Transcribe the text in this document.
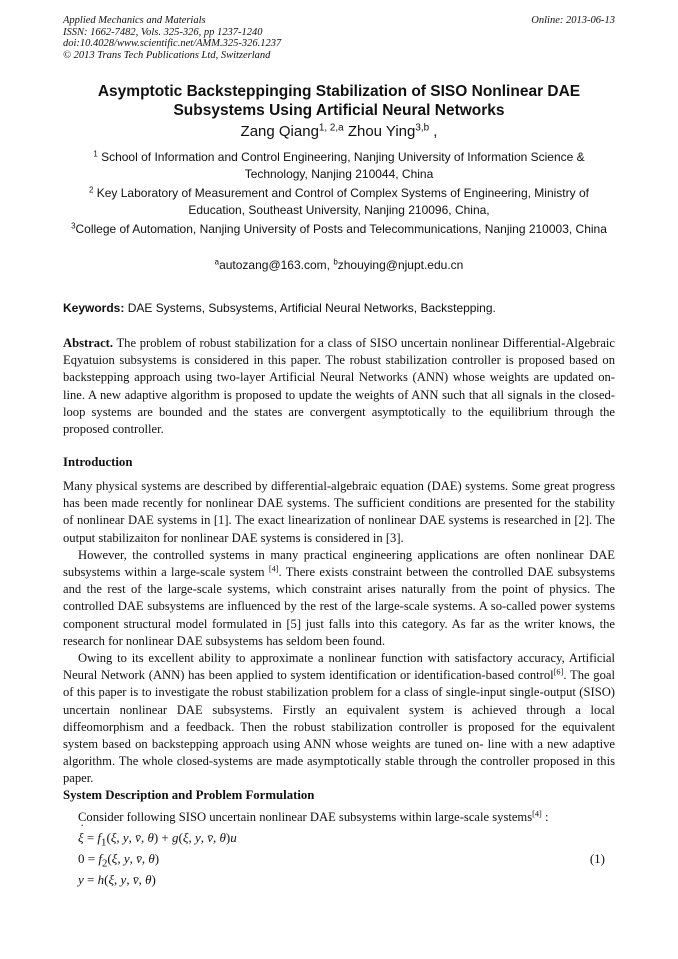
Applied Mechanics and Materials
ISSN: 1662-7482, Vols. 325-326, pp 1237-1240
doi:10.4028/www.scientific.net/AMM.325-326.1237
© 2013 Trans Tech Publications Ltd, Switzerland
Online: 2013-06-13
Asymptotic Backsteppinging Stabilization of SISO Nonlinear DAE Subsystems Using Artificial Neural Networks
Zang Qiang$^{1, 2,a}$ Zhou Ying$^{3,b}$ ,
$^1$ School of Information and Control Engineering, Nanjing University of Information Science & Technology, Nanjing 210044, China
$^2$ Key Laboratory of Measurement and Control of Complex Systems of Engineering, Ministry of Education, Southeast University, Nanjing 210096, China,
$^3$College of Automation, Nanjing University of Posts and Telecommunications, Nanjing 210003, China
$^a$autozang@163.com, $^b$zhouying@njupt.edu.cn
Keywords: DAE Systems, Subsystems, Artificial Neural Networks, Backstepping.
Abstract. The problem of robust stabilization for a class of SISO uncertain nonlinear Differential-Algebraic Eqyatuion subsystems is considered in this paper. The robust stabilization controller is proposed based on backstepping approach using two-layer Artificial Neural Networks (ANN) whose weights are updated on-line. A new adaptive algorithm is proposed to update the weights of ANN such that all signals in the closed-loop systems are bounded and the states are convergent asymptotically to the equilibrium through the proposed controller.
Introduction

Many physical systems are described by differential-algebraic equation (DAE) systems. Some great progress has been made recently for nonlinear DAE systems. The sufficient conditions are presented for the stability of nonlinear DAE systems in [1]. The exact linearization of nonlinear DAE systems is researched in [2]. The output stabilizaiton for nonlinear DAE systems is considered in [3].

However, the controlled systems in many practical engineering applications are often nonlinear DAE subsystems within a large-scale system [4]. There exists constraint between the controlled DAE subsystems and the rest of the large-scale systems, which constraint arises naturally from the point of physics. The controlled DAE subsystems are influenced by the rest of the large-scale systems. A so-called power systems component structural model formulated in [5] just falls into this category. As far as the writer knows, the research for nonlinear DAE subsystems has seldom been found.

Owing to its excellent ability to approximate a nonlinear function with satisfactory accuracy, Artificial Neural Network (ANN) has been applied to system identification or identification-based control[6]. The goal of this paper is to investigate the robust stabilization problem for a class of single-input single-output (SISO) uncertain nonlinear DAE subsystems. Firstly an equivalent system is achieved through a local diffeomorphism and a feedback. Then the robust stabilization controller is proposed for the equivalent system based on backstepping approach using ANN whose weights are tuned on- line with a new adaptive algorithm. The whole closed-systems are made asymptotically stable through the controller proposed in this paper.

System Description and Problem Formulation

Consider following SISO uncertain nonlinear DAE subsystems within large-scale systems[4] :

ξ ˙ = $f_1(\xi$, y, v̄, θ) + g(ξ, y, v̄, θ)u
$0 = f_2(\xi$, y, v̄, θ)
y = h(ξ, y, v̄, θ)
(1)
